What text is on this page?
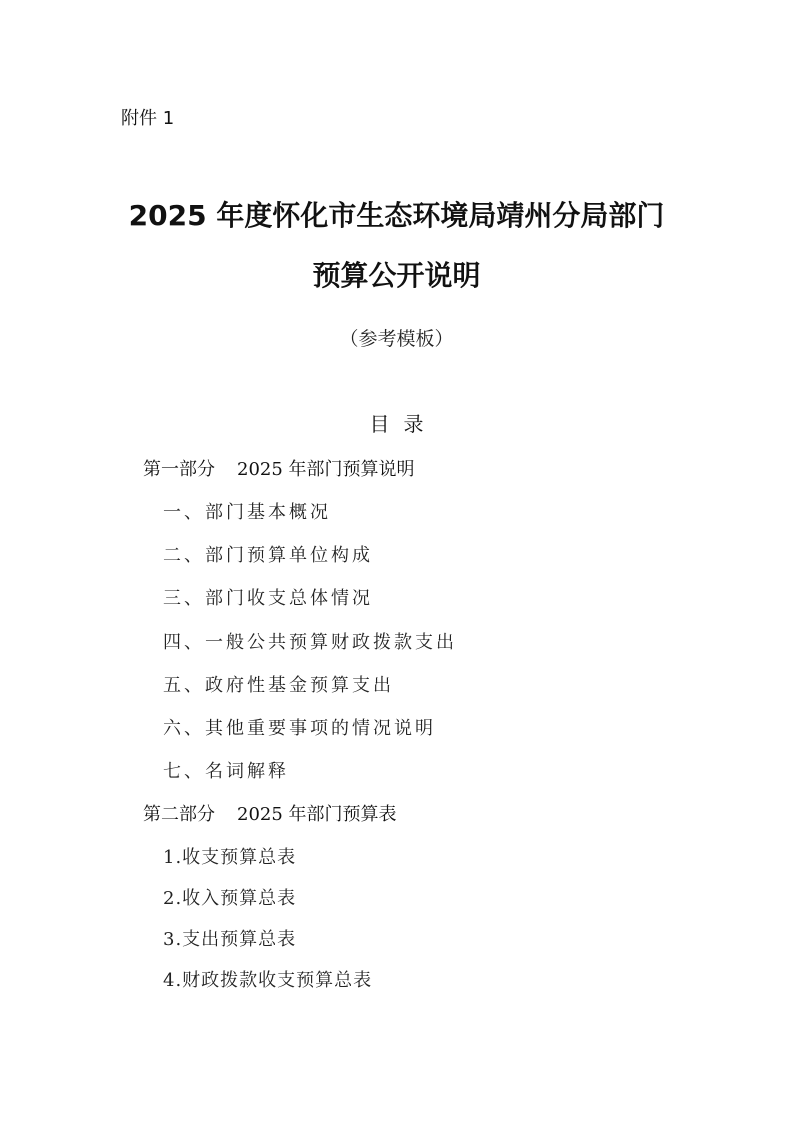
附件 1
2025 年度怀化市生态环境局靖州分局部门
预算公开说明
（参考模板）
目录
第一部分 2025 年部门预算说明
一、部门基本概况
二、部门预算单位构成
三、部门收支总体情况
四、一般公共预算财政拨款支出
五、政府性基金预算支出
六、其他重要事项的情况说明
七、名词解释
第二部分 2025 年部门预算表
1.收支预算总表
2.收入预算总表
3.支出预算总表
4.财政拨款收支预算总表
